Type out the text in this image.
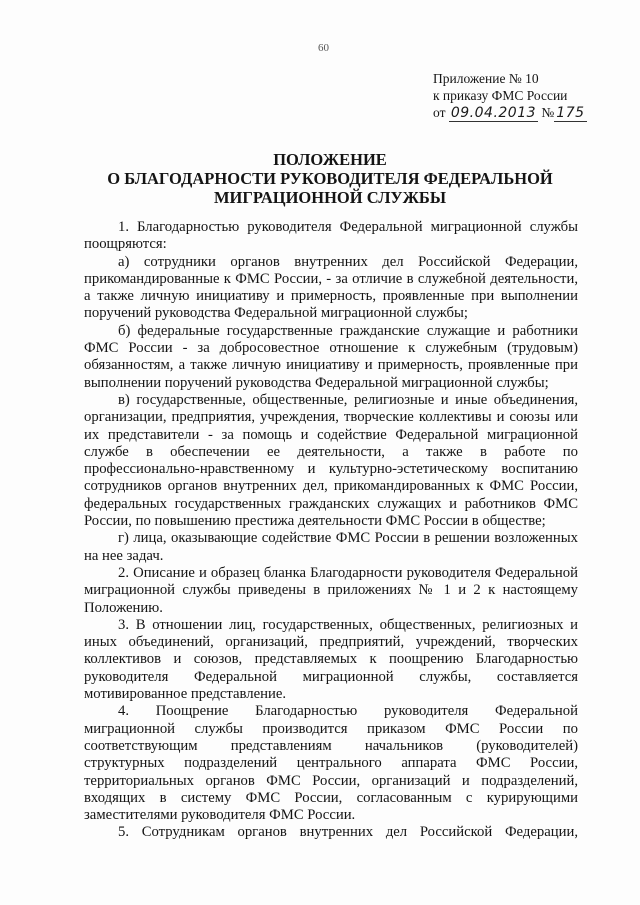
60
Приложение № 10
к приказу ФМС России
от 09.04.2013 № 175
ПОЛОЖЕНИЕ
О БЛАГОДАРНОСТИ РУКОВОДИТЕЛЯ ФЕДЕРАЛЬНОЙ
МИГРАЦИОННОЙ СЛУЖБЫ
1. Благодарностью руководителя Федеральной миграционной службы
поощряются:
а) сотрудники органов внутренних дел Российской Федерации,
прикомандированные к ФМС России, - за отличие в служебной деятельности,
а также личную инициативу и примерность, проявленные при выполнении
поручений руководства Федеральной миграционной службы;
б) федеральные государственные гражданские служащие и работники
ФМС России - за добросовестное отношение к служебным (трудовым)
обязанностям, а также личную инициативу и примерность, проявленные при
выполнении поручений руководства Федеральной миграционной службы;
в) государственные, общественные, религиозные и иные объединения,
организации, предприятия, учреждения, творческие коллективы и союзы или
их представители - за помощь и содействие Федеральной миграционной
службе в обеспечении ее деятельности, а также в работе по
профессионально-нравственному и культурно-эстетическому воспитанию
сотрудников органов внутренних дел, прикомандированных к ФМС России,
федеральных государственных гражданских служащих и работников ФМС
России, по повышению престижа деятельности ФМС России в обществе;
г) лица, оказывающие содействие ФМС России в решении возложенных
на нее задач.
2. Описание и образец бланка Благодарности руководителя Федеральной
миграционной службы приведены в приложениях № 1 и 2 к настоящему
Положению.
3. В отношении лиц, государственных, общественных, религиозных и
иных объединений, организаций, предприятий, учреждений, творческих
коллективов и союзов, представляемых к поощрению Благодарностью
руководителя Федеральной миграционной службы, составляется
мотивированное представление.
4. Поощрение Благодарностью руководителя Федеральной
миграционной службы производится приказом ФМС России по
соответствующим представлениям начальников (руководителей)
структурных подразделений центрального аппарата ФМС России,
территориальных органов ФМС России, организаций и подразделений,
входящих в систему ФМС России, согласованным с курирующими
заместителями руководителя ФМС России.
5. Сотрудникам органов внутренних дел Российской Федерации,
